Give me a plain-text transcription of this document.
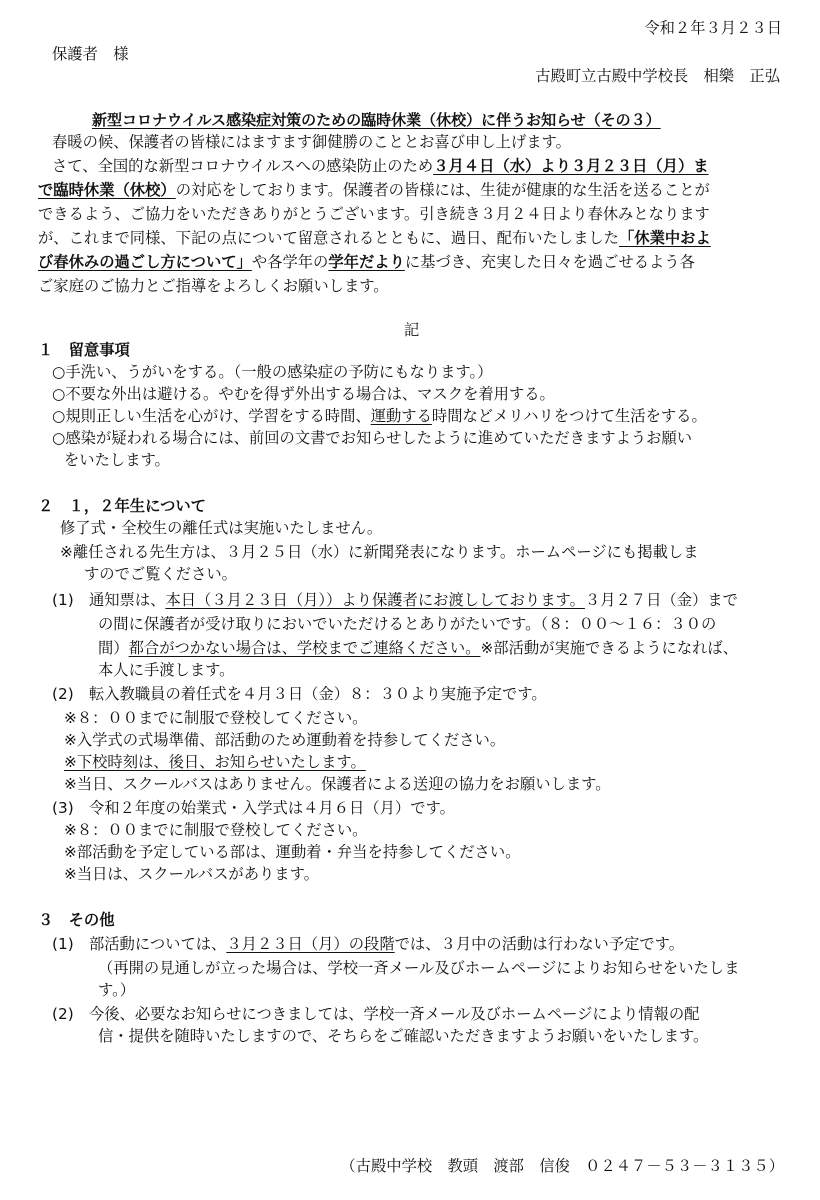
令和２年３月２３日
保護者　様
古殿町立古殿中学校長　相樂　正弘
新型コロナウイルス感染症対策のための臨時休業（休校）に伴うお知らせ（その３）
春暖の候、保護者の皆様にはますます御健勝のこととお喜び申し上げます。
さて、全国的な新型コロナウイルスへの感染防止のため３月４日（水）より３月２３日（月）ま
で臨時休業（休校）の対応をしております。保護者の皆様には、生徒が健康的な生活を送ることが
できるよう、ご協力をいただきありがとうございます。引き続き３月２４日より春休みとなります
が、これまで同様、下記の点について留意されるとともに、過日、配布いたしました「休業中およ
び春休みの過ごし方について」や各学年の学年だよりに基づき、充実した日々を過ごせるよう各
ご家庭のご協力とご指導をよろしくお願いします。
記
１　留意事項
○手洗い、うがいをする。（一般の感染症の予防にもなります。）
○不要な外出は避ける。やむを得ず外出する場合は、マスクを着用する。
○規則正しい生活を心がけ、学習をする時間、運動する時間などメリハリをつけて生活をする。
○感染が疑われる場合には、前回の文書でお知らせしたように進めていただきますようお願い
をいたします。
２　１，２年生について
修了式・全校生の離任式は実施いたしません。
※離任される先生方は、３月２５日（水）に新聞発表になります。ホームページにも掲載しま
すのでご覧ください。
(1)　通知票は、本日（３月２３日（月））より保護者にお渡ししております。３月２７日（金）まで
の間に保護者が受け取りにおいでいただけるとありがたいです。（８：００～１６：３０の
間）都合がつかない場合は、学校までご連絡ください。※部活動が実施できるようになれば、
本人に手渡します。
(2)　転入教職員の着任式を４月３日（金）８：３０より実施予定です。
※８：００までに制服で登校してください。
※入学式の式場準備、部活動のため運動着を持参してください。
※下校時刻は、後日、お知らせいたします。
※当日、スクールバスはありません。保護者による送迎の協力をお願いします。
(3)　令和２年度の始業式・入学式は４月６日（月）です。
※８：００までに制服で登校してください。
※部活動を予定している部は、運動着・弁当を持参してください。
※当日は、スクールバスがあります。
３　その他
(1)　部活動については、３月２３日（月）の段階では、３月中の活動は行わない予定です。
（再開の見通しが立った場合は、学校一斉メール及びホームページによりお知らせをいたしま
す。）
(2)　今後、必要なお知らせにつきましては、学校一斉メール及びホームページにより情報の配
信・提供を随時いたしますので、そちらをご確認いただきますようお願いをいたします。
（古殿中学校　教頭　渡部　信俊　０２４７－５３－３１３５）
